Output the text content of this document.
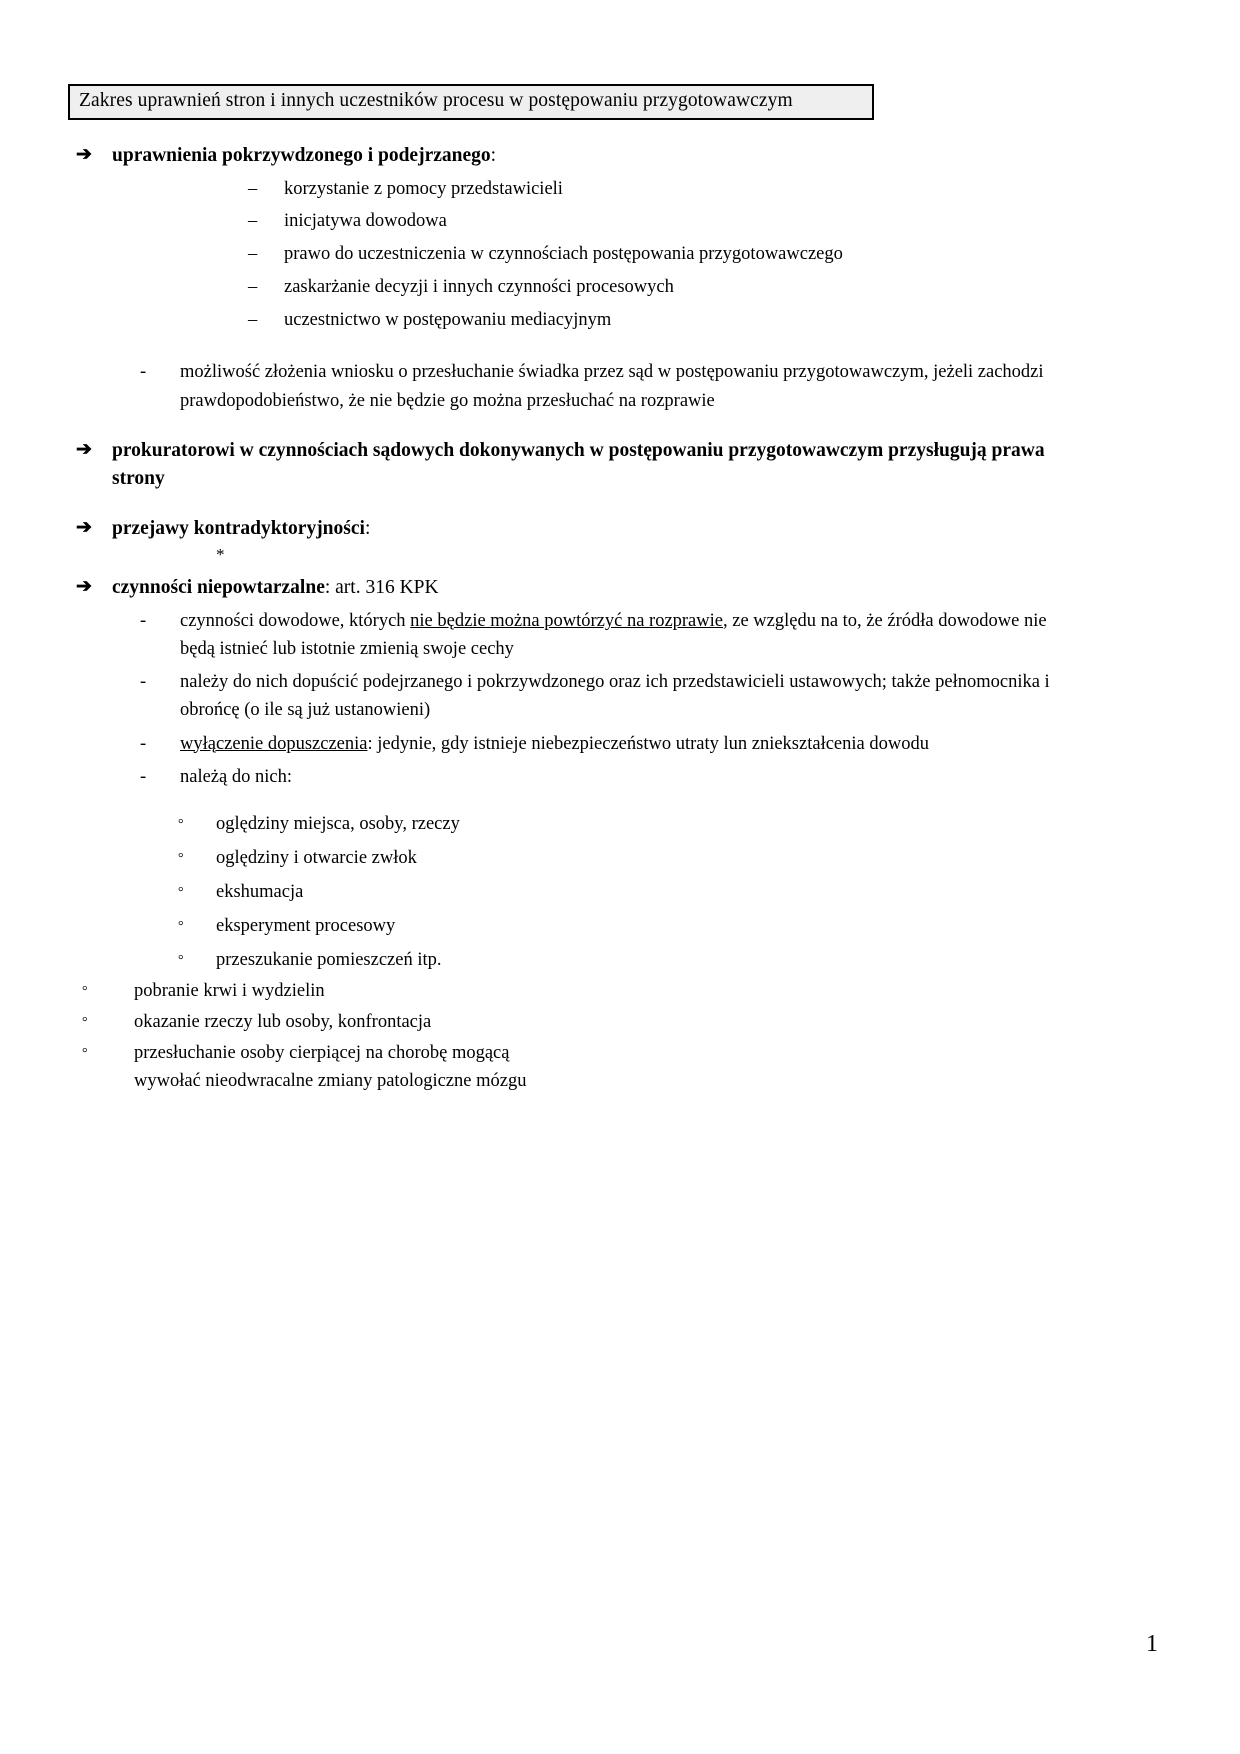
Zakres uprawnień stron i innych uczestników procesu w postępowaniu przygotowawczym
➔	uprawnienia pokrzywdzonego i podejrzanego:
–	korzystanie z pomocy przedstawicieli
–	inicjatywa dowodowa
–	prawo do uczestniczenia w czynnościach postępowania przygotowawczego
–	zaskarżanie decyzji i innych czynności procesowych
–	uczestnictwo w postępowaniu mediacyjnym
-	możliwość złożenia wniosku o przesłuchanie świadka przez sąd w postępowaniu przygotowawczym, jeżeli zachodzi prawdopodobieństwo, że nie będzie go można przesłuchać na rozprawie
➔	prokuratorowi w czynnościach sądowych dokonywanych w postępowaniu przygotowawczym przysługują prawa strony
➔	przejawy kontradyktoryjności:
*
➔	czynności niepowtarzalne: art. 316 KPK
-	czynności dowodowe, których nie będzie można powtórzyć na rozprawie, ze względu na to, że źródła dowodowe nie będą istnieć lub istotnie zmienią swoje cechy
-	należy do nich dopuścić podejrzanego i pokrzywdzonego oraz ich przedstawicieli ustawowych; także pełnomocnika i obrońcę (o ile są już ustanowieni)
-	wyłączenie dopuszczenia: jedynie, gdy istnieje niebezpieczeństwo utraty lun zniekształcenia dowodu
-	należą do nich:
°	oględziny miejsca, osoby, rzeczy
°	oględziny i otwarcie zwłok
°	ekshumacja
°	eksperyment procesowy
°	przeszukanie pomieszczeń itp.
°	pobranie krwi i wydzielin
°	okazanie rzeczy lub osoby, konfrontacja
°	przesłuchanie osoby cierpiącej na chorobę mogącą wywołać nieodwracalne zmiany patologiczne mózgu
1
